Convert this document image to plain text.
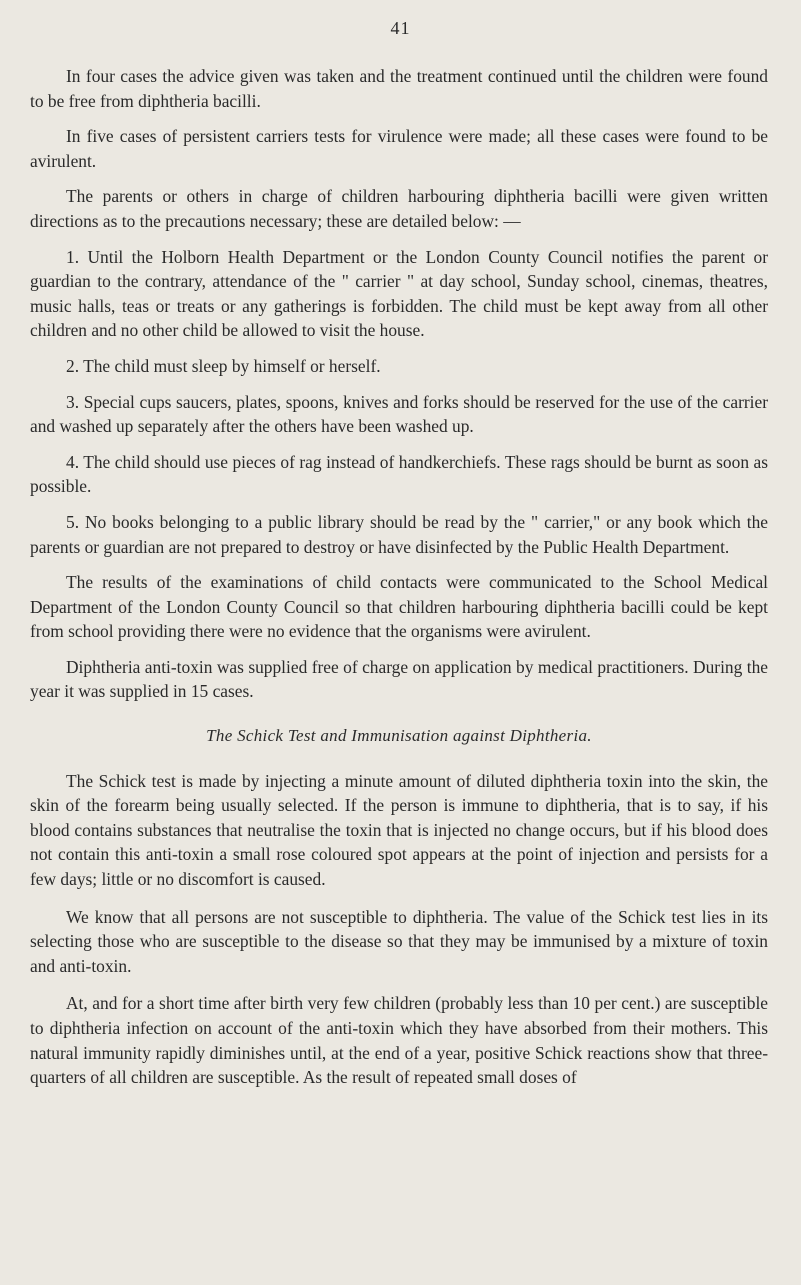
41

In four cases the advice given was taken and the treatment continued until the children were found to be free from diphtheria bacilli.

In five cases of persistent carriers tests for virulence were made; all these cases were found to be avirulent.

The parents or others in charge of children harbouring diphtheria bacilli were given written directions as to the precautions necessary; these are detailed below: —

1. Until the Holborn Health Department or the London County Council notifies the parent or guardian to the contrary, attendance of the " carrier " at day school, Sunday school, cinemas, theatres, music halls, teas or treats or any gatherings is forbidden. The child must be kept away from all other children and no other child be allowed to visit the house.

2. The child must sleep by himself or herself.

3. Special cups saucers, plates, spoons, knives and forks should be reserved for the use of the carrier and washed up separately after the others have been washed up.

4. The child should use pieces of rag instead of handkerchiefs. These rags should be burnt as soon as possible.

5. No books belonging to a public library should be read by the " carrier," or any book which the parents or guardian are not prepared to destroy or have disinfected by the Public Health Department.

The results of the examinations of child contacts were communicated to the School Medical Department of the London County Council so that children harbouring diphtheria bacilli could be kept from school providing there were no evidence that the organisms were avirulent.

Diphtheria anti-toxin was supplied free of charge on application by medical practitioners. During the year it was supplied in 15 cases.

The Schick Test and Immunisation against Diphtheria.

The Schick test is made by injecting a minute amount of diluted diphtheria toxin into the skin, the skin of the forearm being usually selected. If the person is immune to diphtheria, that is to say, if his blood contains substances that neutralise the toxin that is injected no change occurs, but if his blood does not contain this anti-toxin a small rose coloured spot appears at the point of injection and persists for a few days; little or no discomfort is caused.

We know that all persons are not susceptible to diphtheria. The value of the Schick test lies in its selecting those who are susceptible to the disease so that they may be immunised by a mixture of toxin and anti-toxin.

At, and for a short time after birth very few children (probably less than 10 per cent.) are susceptible to diphtheria infection on account of the anti-toxin which they have absorbed from their mothers. This natural immunity rapidly diminishes until, at the end of a year, positive Schick reactions show that three-quarters of all children are susceptible. As the result of repeated small doses of
